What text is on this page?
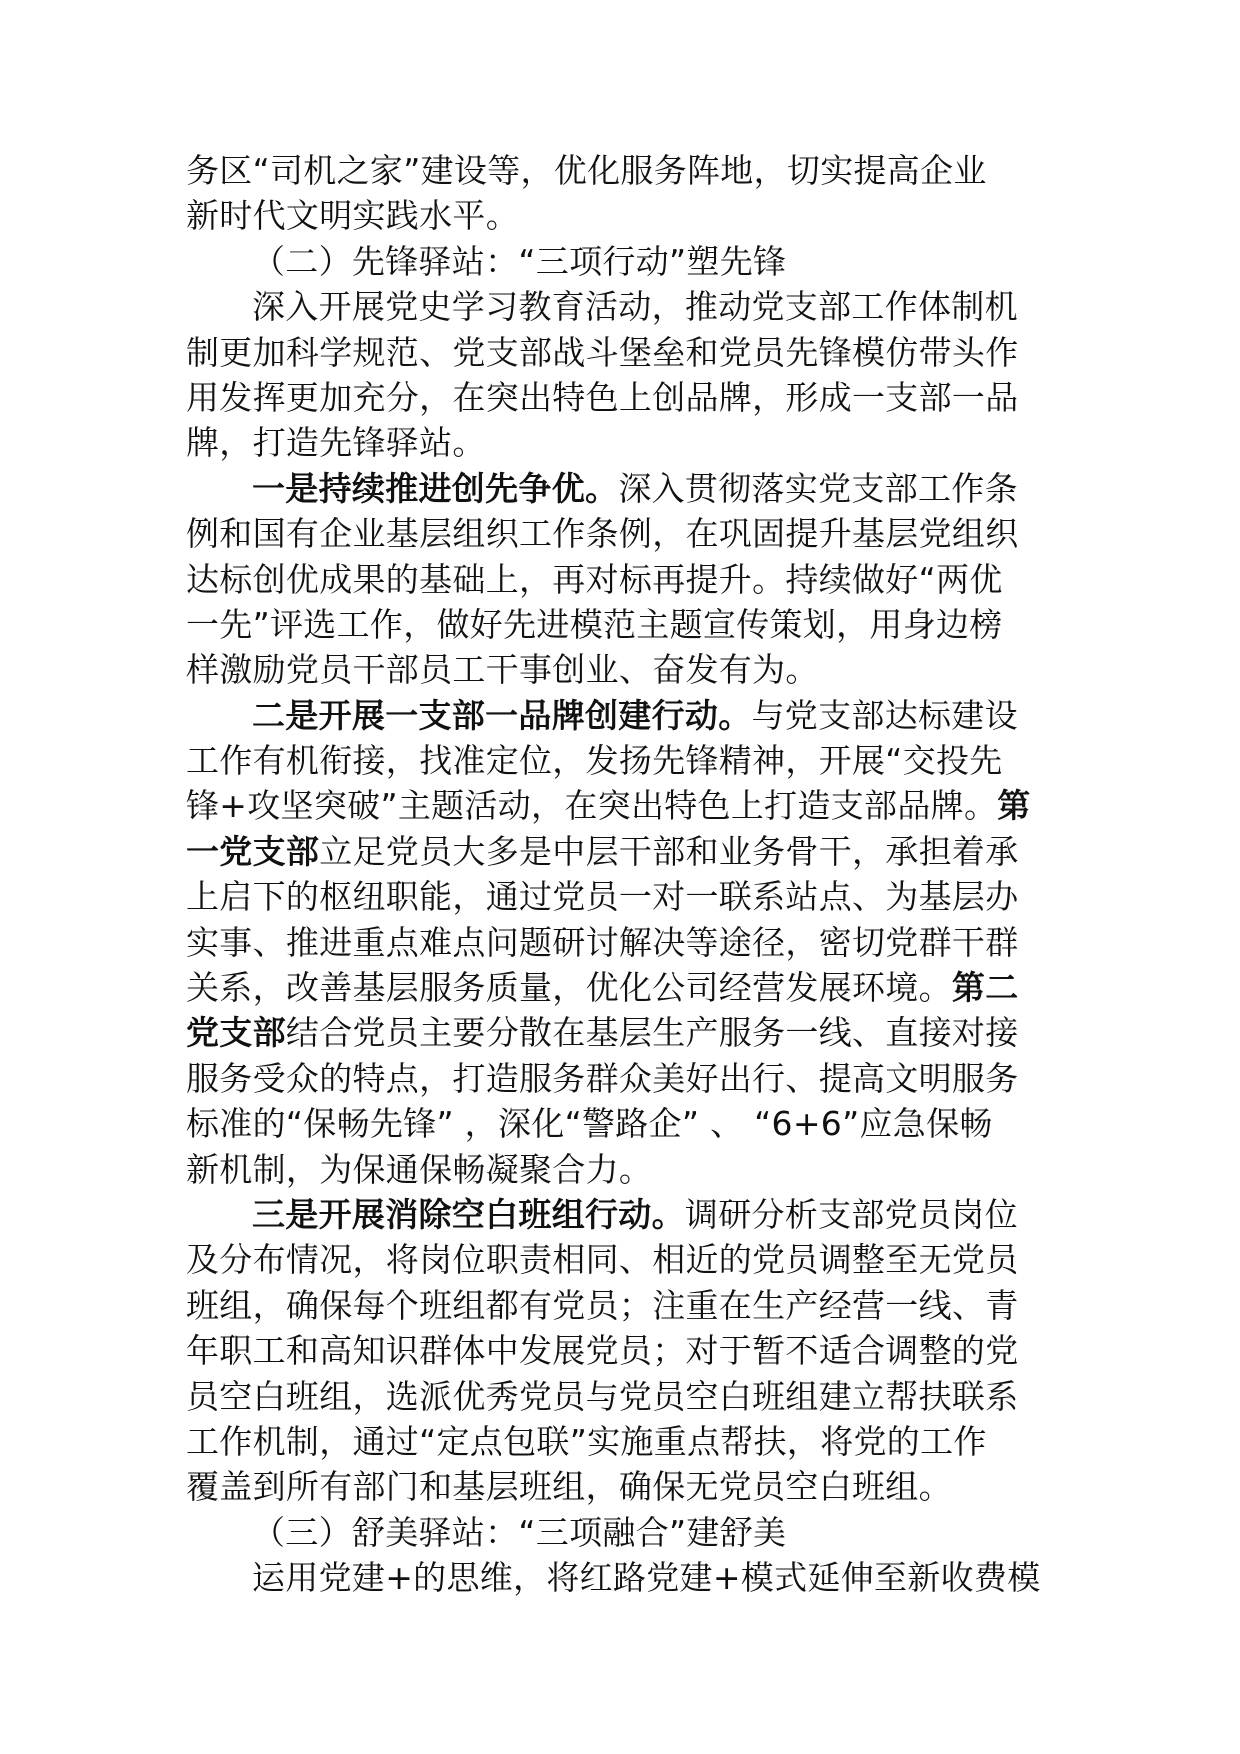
务区“司机之家”建设等，优化服务阵地，切实提高企业
新时代文明实践水平。
（二）先锋驿站：“三项行动”塑先锋
深入开展党史学习教育活动，推动党支部工作体制机
制更加科学规范、党支部战斗堡垒和党员先锋模仿带头作
用发挥更加充分，在突出特色上创品牌，形成一支部一品
牌，打造先锋驿站。
一是持续推进创先争优。深入贯彻落实党支部工作条
例和国有企业基层组织工作条例，在巩固提升基层党组织
达标创优成果的基础上，再对标再提升。持续做好“两优
一先”评选工作，做好先进模范主题宣传策划，用身边榜
样激励党员干部员工干事创业、奋发有为。
二是开展一支部一品牌创建行动。与党支部达标建设
工作有机衔接，找准定位，发扬先锋精神，开展“交投先
锋+攻坚突破”主题活动，在突出特色上打造支部品牌。第
一党支部立足党员大多是中层干部和业务骨干，承担着承
上启下的枢纽职能，通过党员一对一联系站点、为基层办
实事、推进重点难点问题研讨解决等途径，密切党群干群
关系，改善基层服务质量，优化公司经营发展环境。第二
党支部结合党员主要分散在基层生产服务一线、直接对接
服务受众的特点，打造服务群众美好出行、提高文明服务
标准的“保畅先锋” ，深化“警路企” 、 “6+6”应急保畅
新机制，为保通保畅凝聚合力。
三是开展消除空白班组行动。调研分析支部党员岗位
及分布情况，将岗位职责相同、相近的党员调整至无党员
班组，确保每个班组都有党员；注重在生产经营一线、青
年职工和高知识群体中发展党员；对于暂不适合调整的党
员空白班组，选派优秀党员与党员空白班组建立帮扶联系
工作机制，通过“定点包联”实施重点帮扶，将党的工作
覆盖到所有部门和基层班组，确保无党员空白班组。
（三）舒美驿站：“三项融合”建舒美
运用党建+的思维，将红路党建+模式延伸至新收费模
